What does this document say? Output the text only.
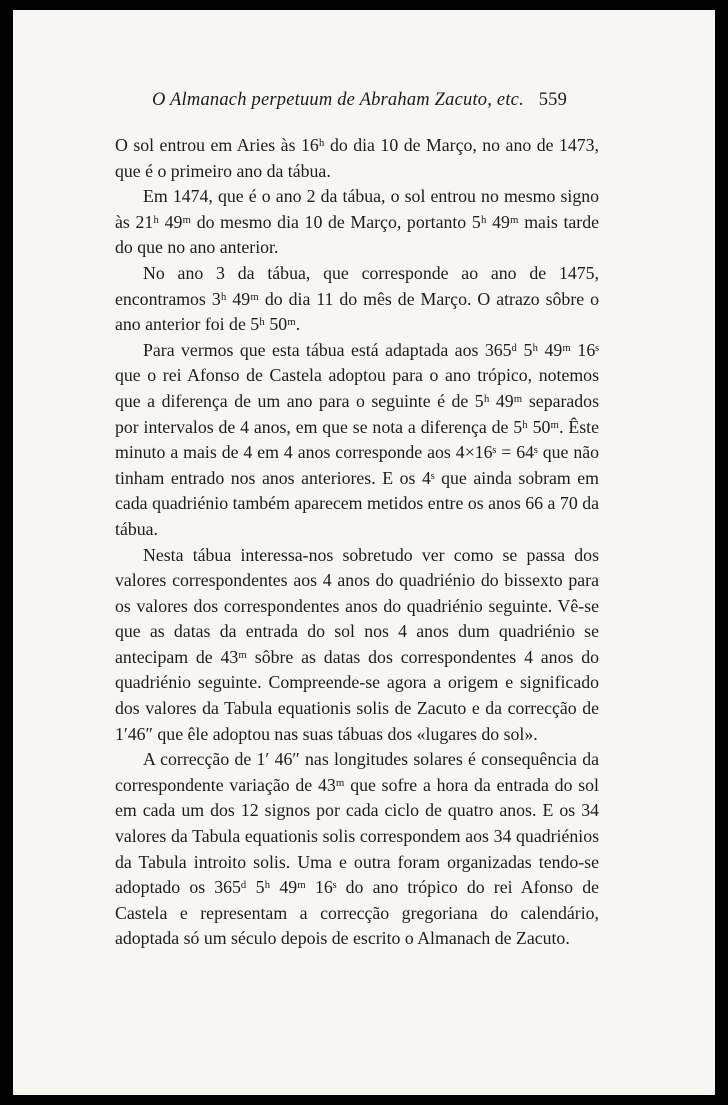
O Almanach perpetuum de Abraham Zacuto, etc. 559

O sol entrou em Aries às 16ʰ do dia 10 de Março, no ano de 1473, que é o primeiro ano da tábua.

Em 1474, que é o ano 2 da tábua, o sol entrou no mesmo signo às 21ʰ 49ᵐ do mesmo dia 10 de Março, portanto 5ʰ 49ᵐ mais tarde do que no ano anterior.

No ano 3 da tábua, que corresponde ao ano de 1475, encontramos 3ʰ 49ᵐ do dia 11 do mês de Março. O atrazo sôbre o ano anterior foi de 5ʰ 50ᵐ.

Para vermos que esta tábua está adaptada aos 365ᵈ 5ʰ 49ᵐ 16ˢ que o rei Afonso de Castela adoptou para o ano trópico, notemos que a diferença de um ano para o seguinte é de 5ʰ 49ᵐ separados por intervalos de 4 anos, em que se nota a diferença de 5ʰ 50ᵐ. Êste minuto a mais de 4 em 4 anos corresponde aos 4×16ˢ = 64ˢ que não tinham entrado nos anos anteriores. E os 4ˢ que ainda sobram em cada quadriénio também aparecem metidos entre os anos 66 a 70 da tábua.

Nesta tábua interessa-nos sobretudo ver como se passa dos valores correspondentes aos 4 anos do quadriénio do bissexto para os valores dos correspondentes anos do quadriénio seguinte. Vê-se que as datas da entrada do sol nos 4 anos dum quadriénio se antecipam de 43ᵐ sôbre as datas dos correspondentes 4 anos do quadriénio seguinte. Compreende-se agora a origem e significado dos valores da Tabula equationis solis de Zacuto e da correcção de 1′46″ que êle adoptou nas suas tábuas dos «lugares do sol».

A correcção de 1′ 46″ nas longitudes solares é consequência da correspondente variação de 43ᵐ que sofre a hora da entrada do sol em cada um dos 12 signos por cada ciclo de quatro anos. E os 34 valores da Tabula equationis solis correspondem aos 34 quadriénios da Tabula introito solis. Uma e outra foram organizadas tendo-se adoptado os 365ᵈ 5ʰ 49ᵐ 16ˢ do ano trópico do rei Afonso de Castela e representam a correcção gregoriana do calendário, adoptada só um século depois de escrito o Almanach de Zacuto.
